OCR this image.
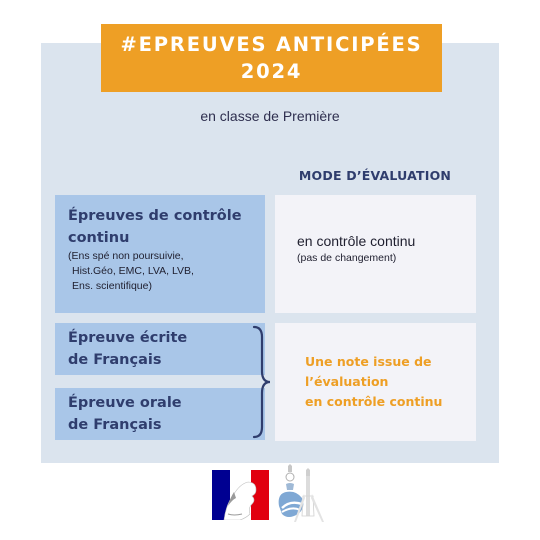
#EPREUVES ANTICIPÉES
2024
en classe de Première
MODE D’ÉVALUATION
Épreuves de contrôle
continu
(Ens spé non poursuivie,
Hist.Géo, EMC, LVA, LVB,
Ens. scientifique)
en contrôle continu
(pas de changement)
Épreuve écrite
de Français
Épreuve orale
de Français
Une note issue de
l’évaluation
en contrôle continu
